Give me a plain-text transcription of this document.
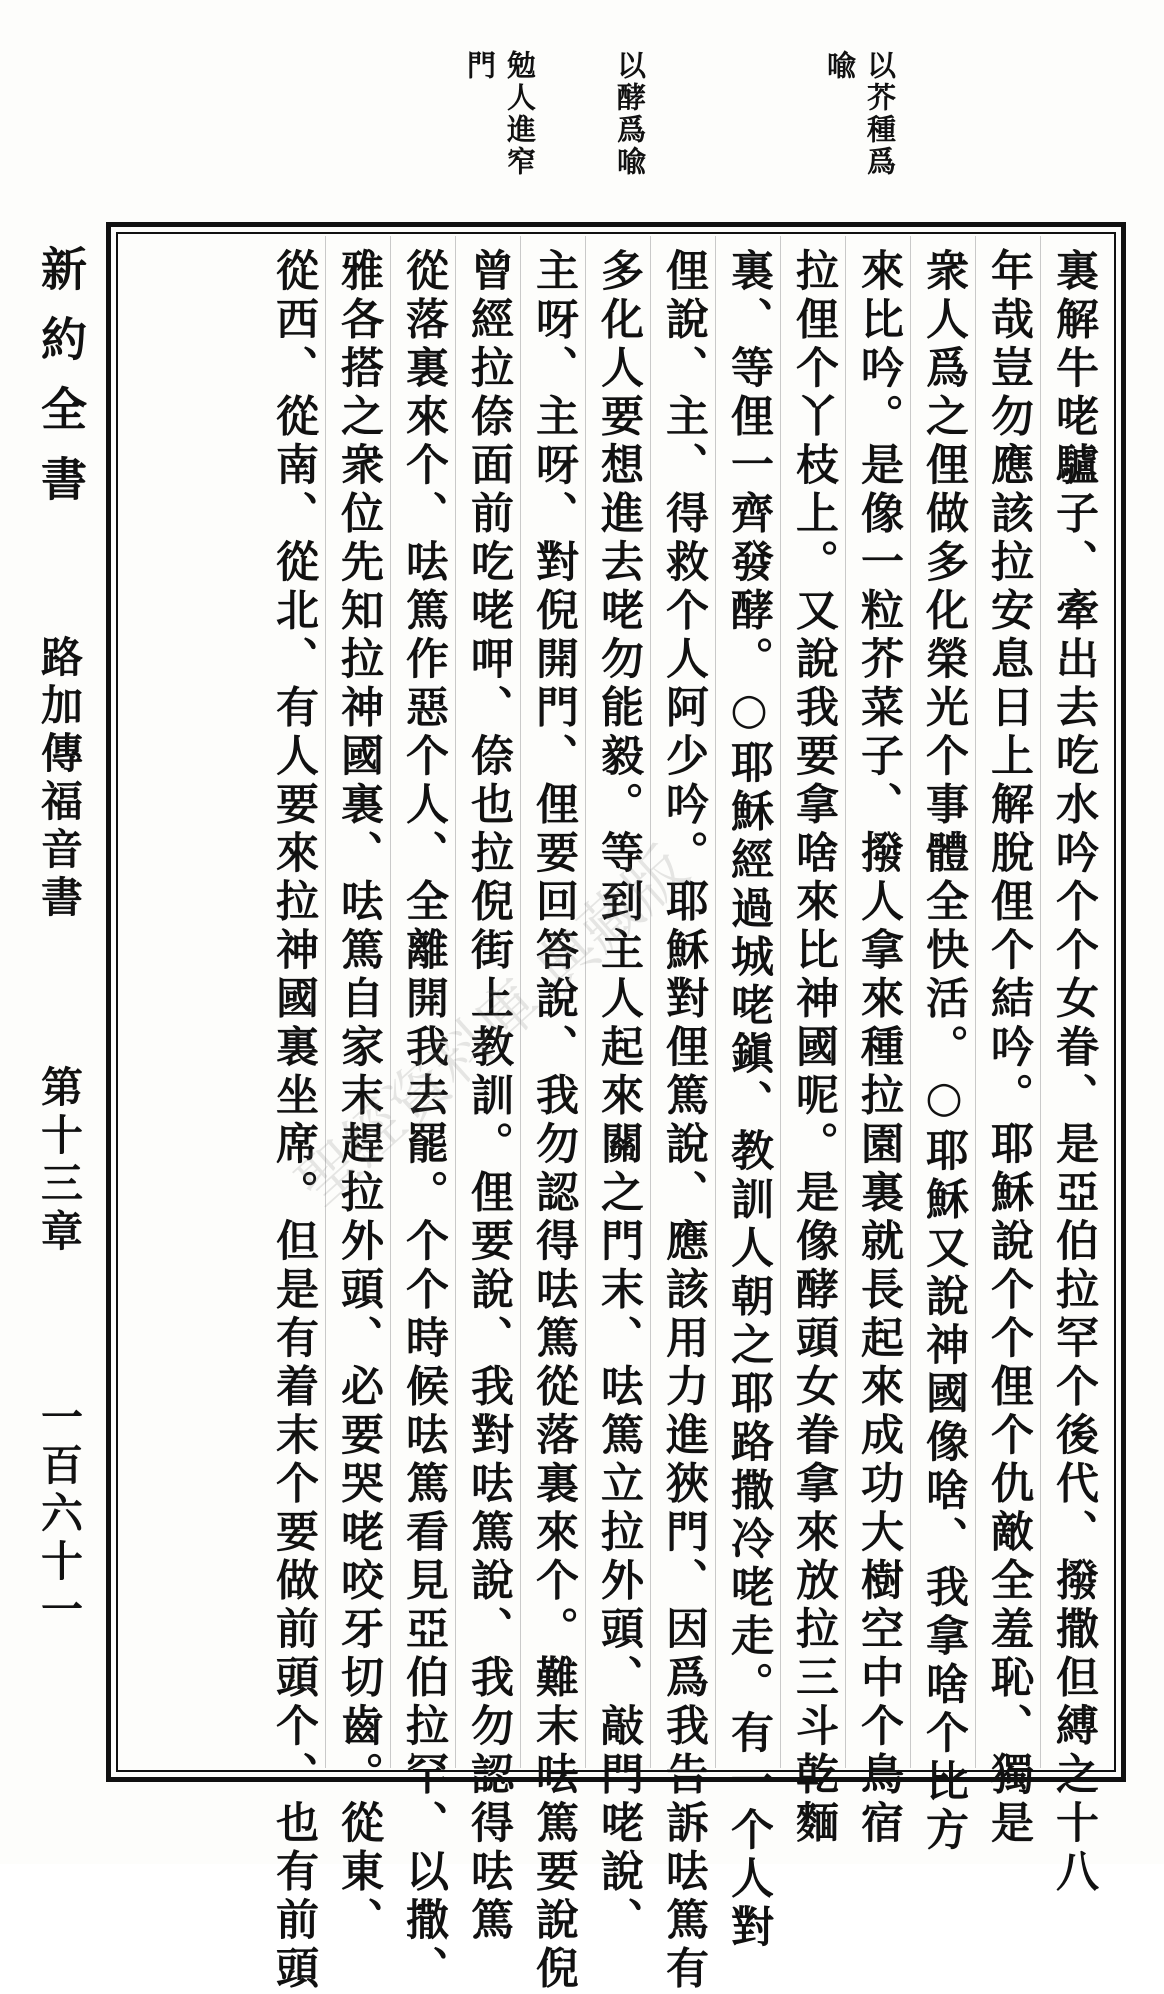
以芥種爲
喩
以酵爲喩
勉人進窄
門
新約全書
路加傳福音書
第十三章
一百六十一	裏解牛咾驢子、牽出去吃水吟个个女眷、是亞伯拉罕个後代、撥撒但縛之十八
年哉豈勿應該拉安息日上解脫俚个結吟。耶穌說个个俚个仇敵全羞恥、獨是
衆人爲之俚做多化榮光个事體全快活。○耶穌又說神國像啥、我拿啥个比方
來比吟。是像一粒芥菜子、撥人拿來種拉園裏就長起來成功大樹空中个鳥宿
拉俚个丫枝上。又說我要拿啥來比神國呢。是像酵頭女眷拿來放拉三斗乾麵
裏、等俚一齊發酵。○耶穌經過城咾鎭、教訓人朝之耶路撒冷咾走。有一个人對
俚說、主、得救个人阿少吟。耶穌對俚篤說、應該用力進狹門、因爲我告訴呿篤有
多化人要想進去咾勿能毅。等到主人起來關之門末、呿篤立拉外頭、敲門咾說、
主呀、主呀、對倪開門、俚要回答說、我勿認得呿篤從落裏來个。難末呿篤要說倪
曾經拉倷面前吃咾呷、倷也拉倪街上教訓。俚要說、我對呿篤說、我勿認得呿篤
從落裏來个、呿篤作惡个人、全離開我去罷。个个時候呿篤看見亞伯拉罕、以撒、
雅各搭之衆位先知拉神國裏、呿篤自家末趕拉外頭、必要哭咾咬牙切齒。從東、
從西、從南、從北、有人要來拉神國裏坐席。但是有着末个要做前頭个、也有前頭
聖經資料庫 典藏版
